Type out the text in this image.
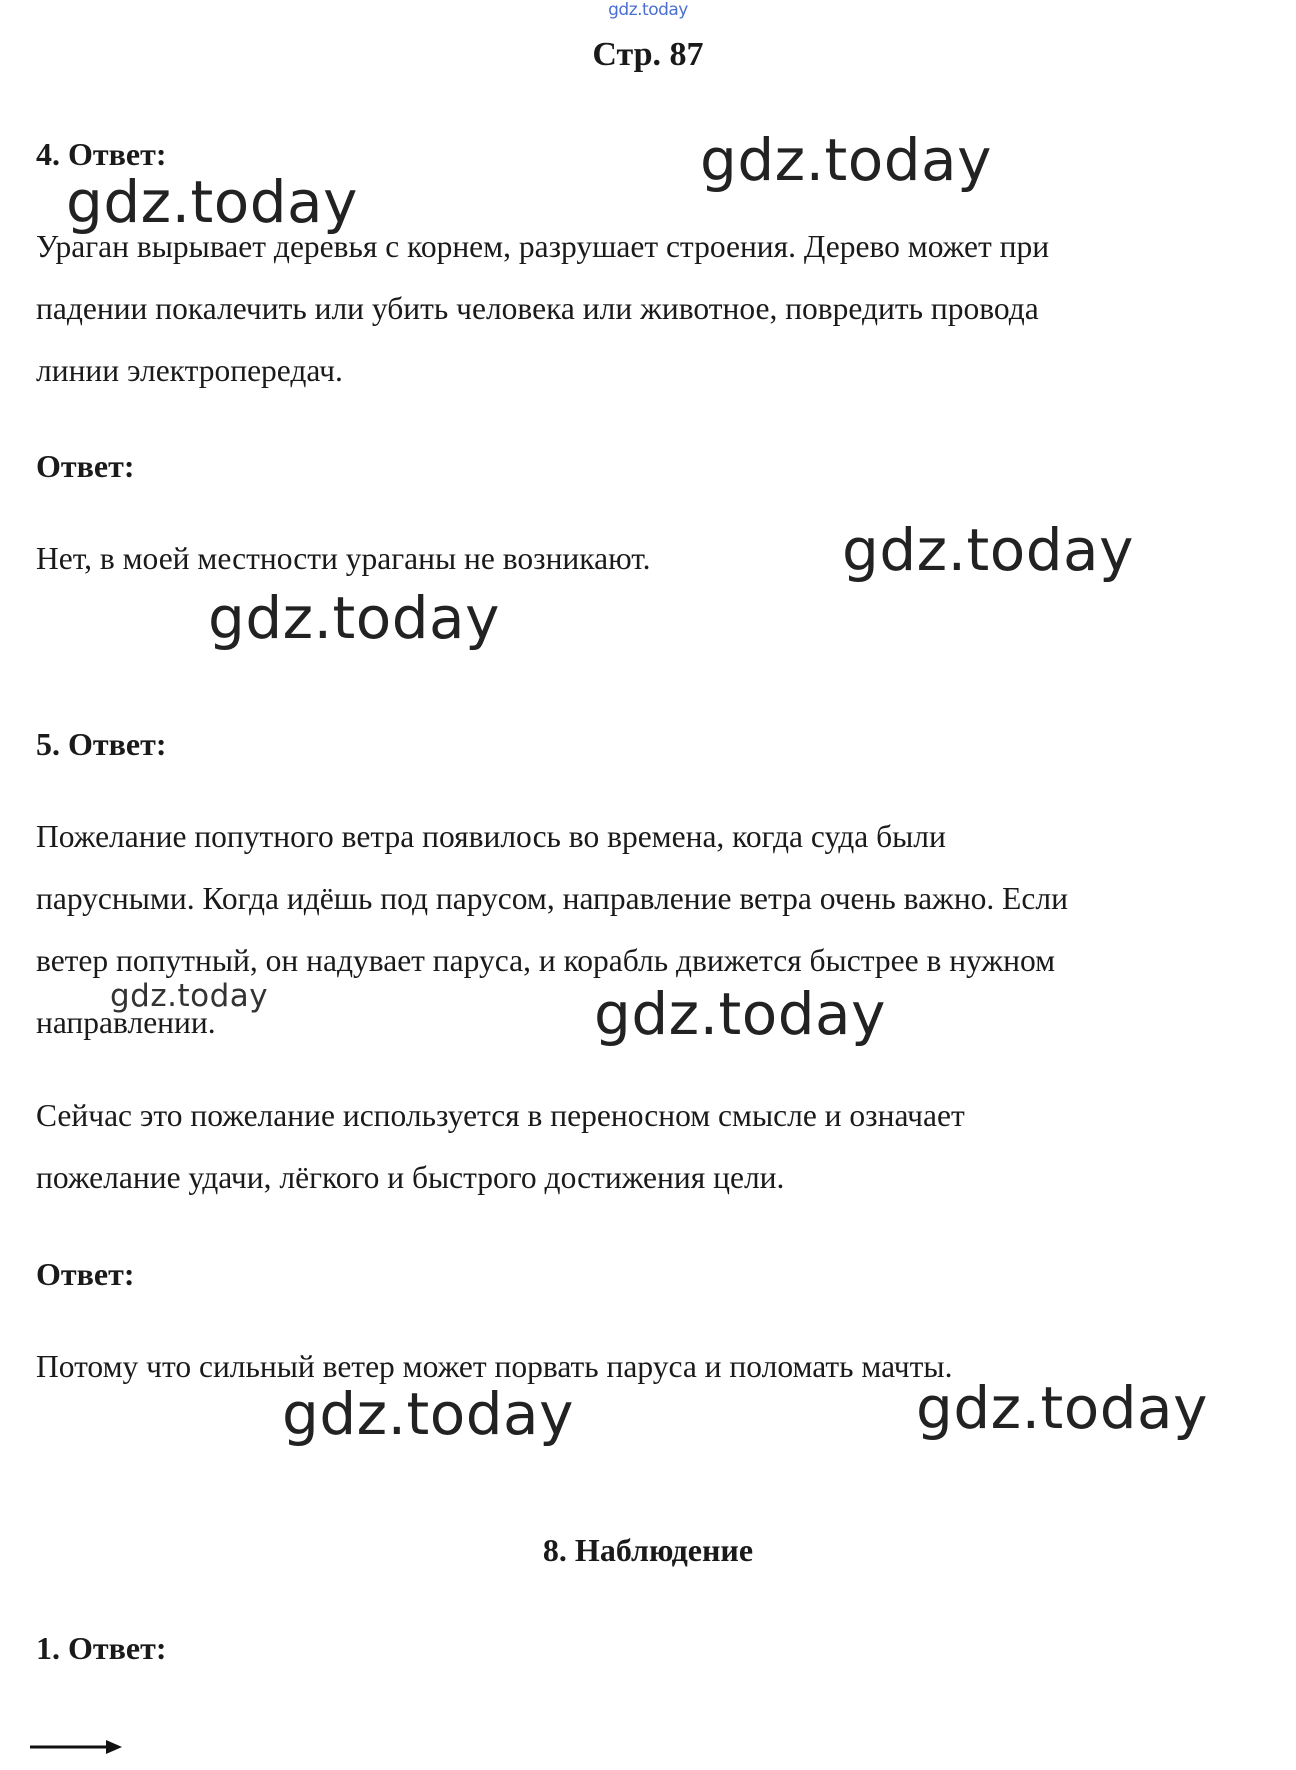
gdz.today
Стр. 87
4. Ответ:
Ураган вырывает деревья с корнем, разрушает строения. Дерево может при
падении покалечить или убить человека или животное, повредить провода
линии электропередач.
Ответ:
Нет, в моей местности ураганы не возникают.
5. Ответ:
Пожелание попутного ветра появилось во времена, когда суда были
парусными. Когда идёшь под парусом, направление ветра очень важно. Если
ветер попутный, он надувает паруса, и корабль движется быстрее в нужном
направлении.
Сейчас это пожелание используется в переносном смысле и означает
пожелание удачи, лёгкого и быстрого достижения цели.
Ответ:
Потому что сильный ветер может порвать паруса и поломать мачты.
8. Наблюдение
1. Ответ:
gdz.today
gdz.today
gdz.today
gdz.today
gdz.today	gdz.today
gdz.today	gdz.today
